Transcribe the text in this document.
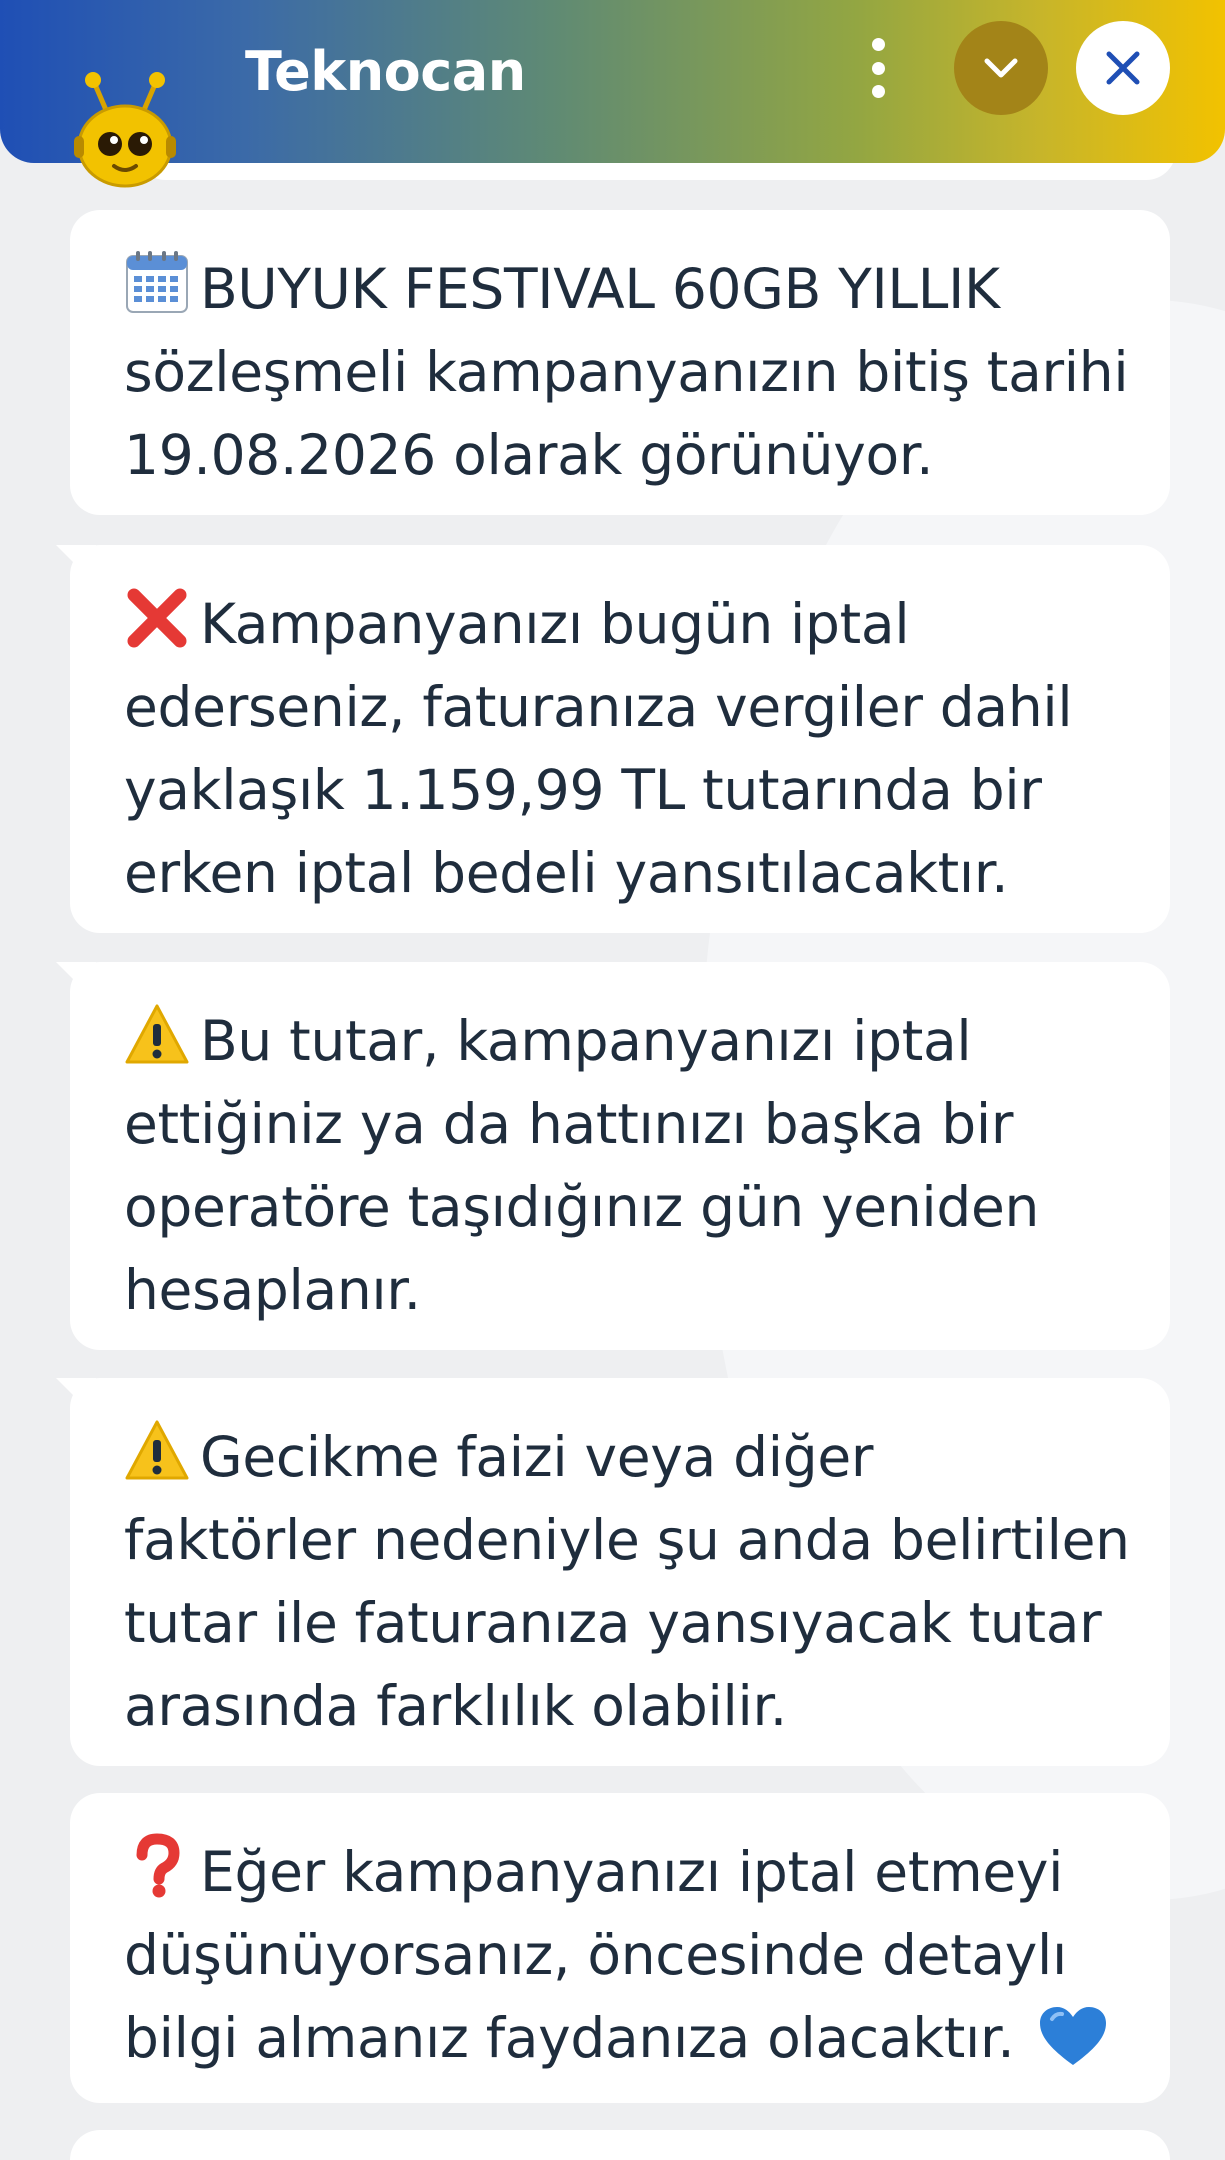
Teknocan
BUYUK FESTIVAL 60GB YILLIK
sözleşmeli kampanyanızın bitiş tarihi
19.08.2026 olarak görünüyor.
Kampanyanızı bugün iptal
ederseniz, faturanıza vergiler dahil
yaklaşık 1.159,99 TL tutarında bir
erken iptal bedeli yansıtılacaktır.
Bu tutar, kampanyanızı iptal
ettiğiniz ya da hattınızı başka bir
operatöre taşıdığınız gün yeniden
hesaplanır.
Gecikme faizi veya diğer
faktörler nedeniyle şu anda belirtilen
tutar ile faturanıza yansıyacak tutar
arasında farklılık olabilir.
Eğer kampanyanızı iptal etmeyi
düşünüyorsanız, öncesinde detaylı
bilgi almanız faydanıza olacaktır.
